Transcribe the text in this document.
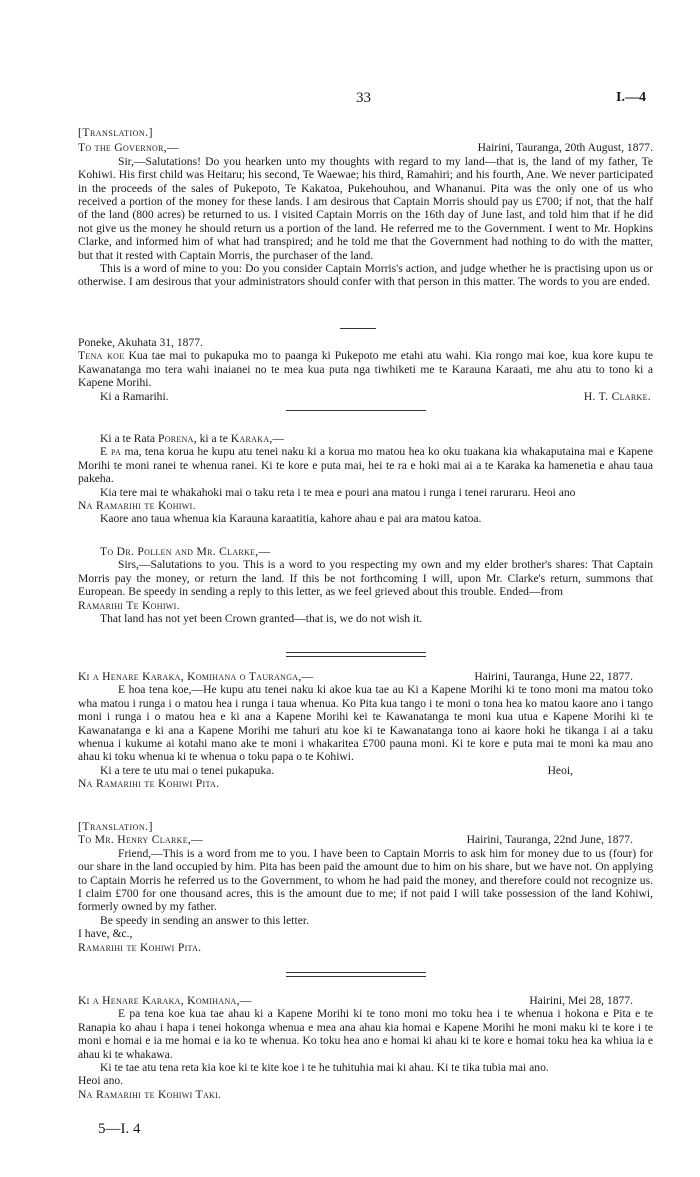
33	I.—4

[Translation.]

To the Governor,—	Hairini, Tauranga, 20th August, 1877.

Sir,—Salutations! Do you hearken unto my thoughts with regard to my land—that is, the land of my father, Te Kohiwi. His first child was Heitaru; his second, Te Waewae; his third, Ramahiri; and his fourth, Ane. We never participated in the proceeds of the sales of Pukepoto, Te Kakatoa, Pukehouhou, and Whananui. Pita was the only one of us who received a portion of the money for these lands. I am desirous that Captain Morris should pay us £700; if not, that the half of the land (800 acres) be returned to us. I visited Captain Morris on the 16th day of June last, and told him that if he did not give us the money he should return us a portion of the land. He referred me to the Government. I went to Mr. Hopkins Clarke, and informed him of what had transpired; and he told me that the Government had nothing to do with the matter, but that it rested with Captain Morris, the purchaser of the land.

This is a word of mine to you: Do you consider Captain Morris's action, and judge whether he is practising upon us or otherwise. I am desirous that your administrators should confer with that person in this matter. The words to you are ended.

Poneke, Akuhata 31, 1877.

Tena koe Kua tae mai to pukapuka mo to paanga ki Pukepoto me etahi atu wahi. Kia rongo mai koe, kua kore kupu te Kawanatanga mo tera wahi inaianei no te mea kua puta nga tiwhiketi me te Karauna Karaati, me ahu atu to tono ki a Kapene Morihi.

Ki a Ramarihi.	H. T. Clarke.

Ki a te Rata Porena, ki a te Karaka,—

E pa ma, tena korua he kupu atu tenei naku ki a korua mo matou hea ko oku tuakana kia whakaputaina mai e Kapene Morihi te moni ranei te whenua ranei. Ki te kore e puta mai, hei te ra e hoki mai ai a te Karaka ka hamenetia e ahau taua pakeha.

Kia tere mai te whakahoki mai o taku reta i te mea e pouri ana matou i runga i tenei raruraru. Heoi ano

Na Ramarihi te Kohiwi.

Kaore ano taua whenua kia Karauna karaatitia, kahore ahau e pai ara matou katoa.

To Dr. Pollen and Mr. Clarke,—

Sirs,—Salutations to you. This is a word to you respecting my own and my elder brother's shares: That Captain Morris pay the money, or return the land. If this be not forthcoming I will, upon Mr. Clarke's return, summons that European. Be speedy in sending a reply to this letter, as we feel grieved about this trouble. Ended—from

Ramarihi Te Kohiwi.

That land has not yet been Crown granted—that is, we do not wish it.

Ki a Henare Karaka, Komihana o Tauranga,—	Hairini, Tauranga, Hune 22, 1877.

E hoa tena koe,—He kupu atu tenei naku ki akoe kua tae au Ki a Kapene Morihi ki te tono moni ma matou toko wha matou i runga i o matou hea i runga i taua whenua. Ko Pita kua tango i te moni o tona hea ko matou kaore ano i tango moni i runga i o matou hea e ki ana a Kapene Morihi kei te Kawanatanga te moni kua utua e Kapene Morihi ki te Kawanatanga e ki ana a Kapene Morihi me tahuri atu koe ki te Kawanatanga tono ai kaore hoki he tikanga i ai a taku whenua i kukume ai kotahi mano ake te moni i whakaritea £700 pauna moni. Ki te kore e puta mai te moni ka mau ano ahau ki toku whenua ki te whenua o toku papa o te Kohiwi.

Ki a tere te utu mai o tenei pukapuka.	Heoi,

Na Ramarihi te Kohiwi Pita.

[Translation.]

To Mr. Henry Clarke,—	Hairini, Tauranga, 22nd June, 1877.

Friend,—This is a word from me to you. I have been to Captain Morris to ask him for money due to us (four) for our share in the land occupied by him. Pita has been paid the amount due to him on his share, but we have not. On applying to Captain Morris he referred us to the Government, to whom he had paid the money, and therefore could not recognize us. I claim £700 for one thousand acres, this is the amount due to me; if not paid I will take possession of the land Kohiwi, formerly owned by my father.

Be speedy in sending an answer to this letter.

I have, &c.,

Ramarihi te Kohiwi Pita.

Ki a Henare Karaka, Komihana,—	Hairini, Mei 28, 1877.

E pa tena koe kua tae ahau ki a Kapene Morihi ki te tono moni mo toku hea i te whenua i hokona e Pita e te Ranapia ko ahau i hapa i tenei hokonga whenua e mea ana ahau kia homai e Kapene Morihi he moni maku ki te kore i te moni e homai e ia me homai e ia ko te whenua. Ko toku hea ano e homai ki ahau ki te kore e homai toku hea ka whiua ia e ahau ki te whakawa.

Ki te tae atu tena reta kia koe ki te kite koe i te he tuhituhia mai ki ahau. Ki te tika tubia mai ano.

Heoi ano.

Na Ramarihi te Kohiwi Taki.

5—I. 4
